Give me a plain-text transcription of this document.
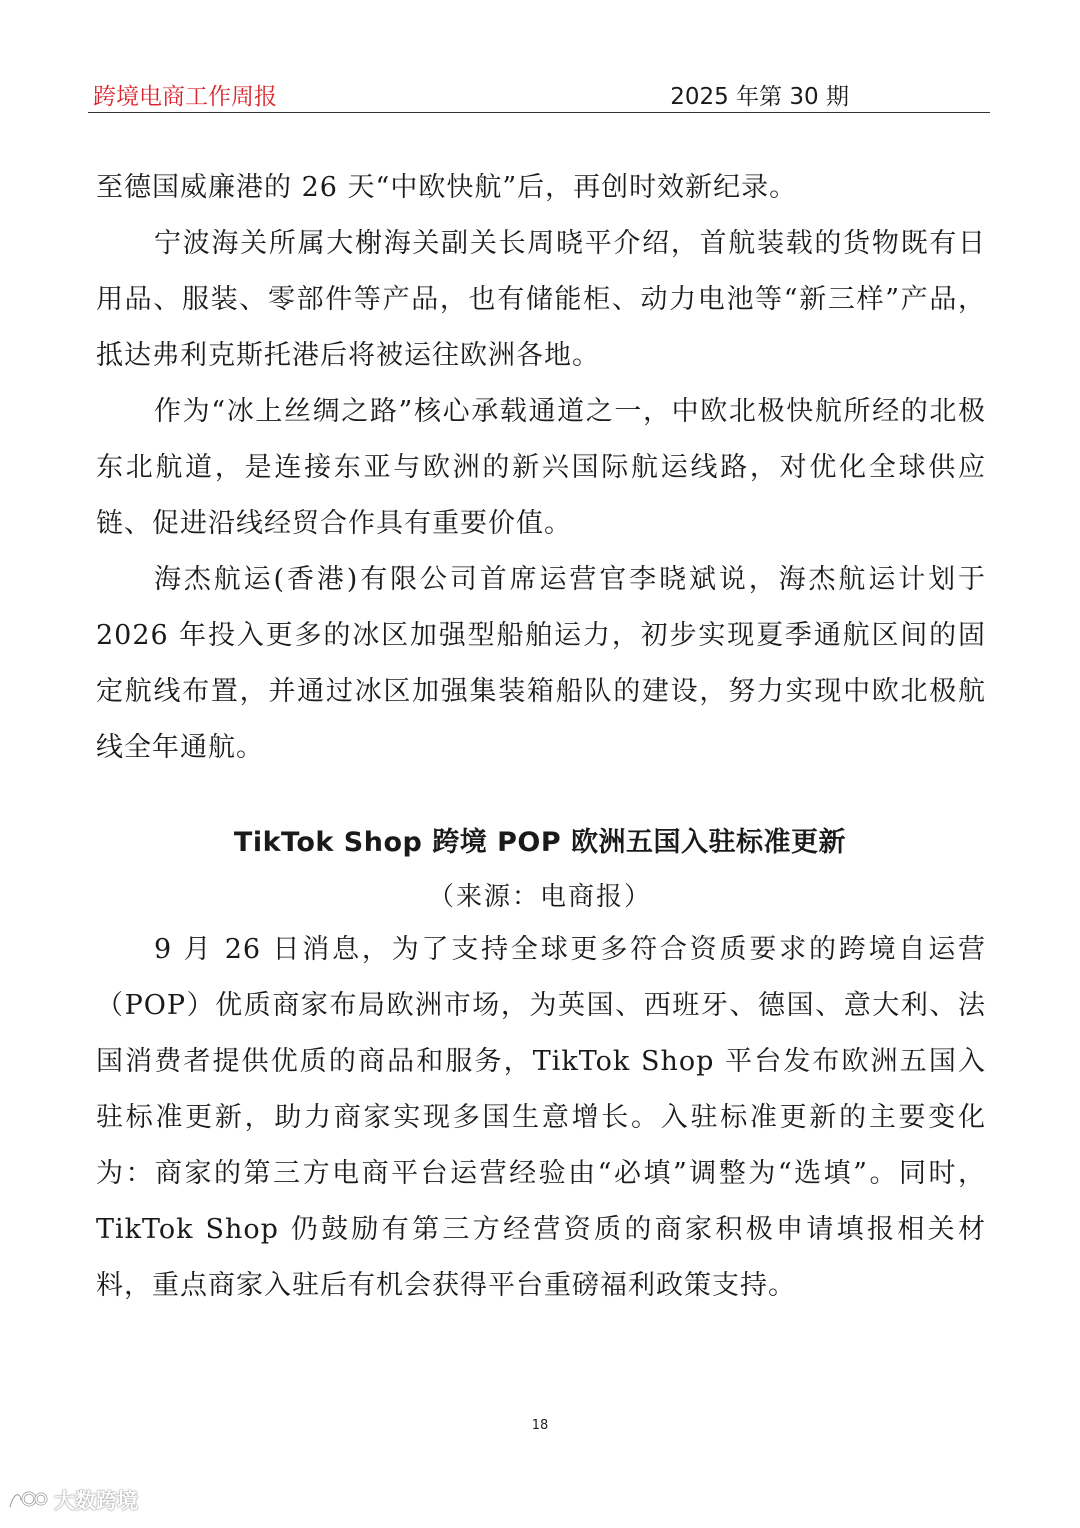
跨境电商工作周报	2025 年第 30 期

至德国威廉港的 26 天“中欧快航”后，再创时效新纪录。

宁波海关所属大榭海关副关长周晓平介绍，首航装载的货物既有日用品、服装、零部件等产品，也有储能柜、动力电池等“新三样”产品，抵达弗利克斯托港后将被运往欧洲各地。

作为“冰上丝绸之路”核心承载通道之一，中欧北极快航所经的北极东北航道，是连接东亚与欧洲的新兴国际航运线路，对优化全球供应链、促进沿线经贸合作具有重要价值。

海杰航运(香港)有限公司首席运营官李晓斌说，海杰航运计划于 2026 年投入更多的冰区加强型船舶运力，初步实现夏季通航区间的固定航线布置，并通过冰区加强集装箱船队的建设，努力实现中欧北极航线全年通航。

TikTok Shop 跨境 POP 欧洲五国入驻标准更新
（来源：电商报）

9 月 26 日消息，为了支持全球更多符合资质要求的跨境自运营（POP）优质商家布局欧洲市场，为英国、西班牙、德国、意大利、法国消费者提供优质的商品和服务，TikTok Shop 平台发布欧洲五国入驻标准更新，助力商家实现多国生意增长。入驻标准更新的主要变化为：商家的第三方电商平台运营经验由“必填”调整为“选填”。同时，TikTok Shop 仍鼓励有第三方经营资质的商家积极申请填报相关材料，重点商家入驻后有机会获得平台重磅福利政策支持。

18
大数跨境
